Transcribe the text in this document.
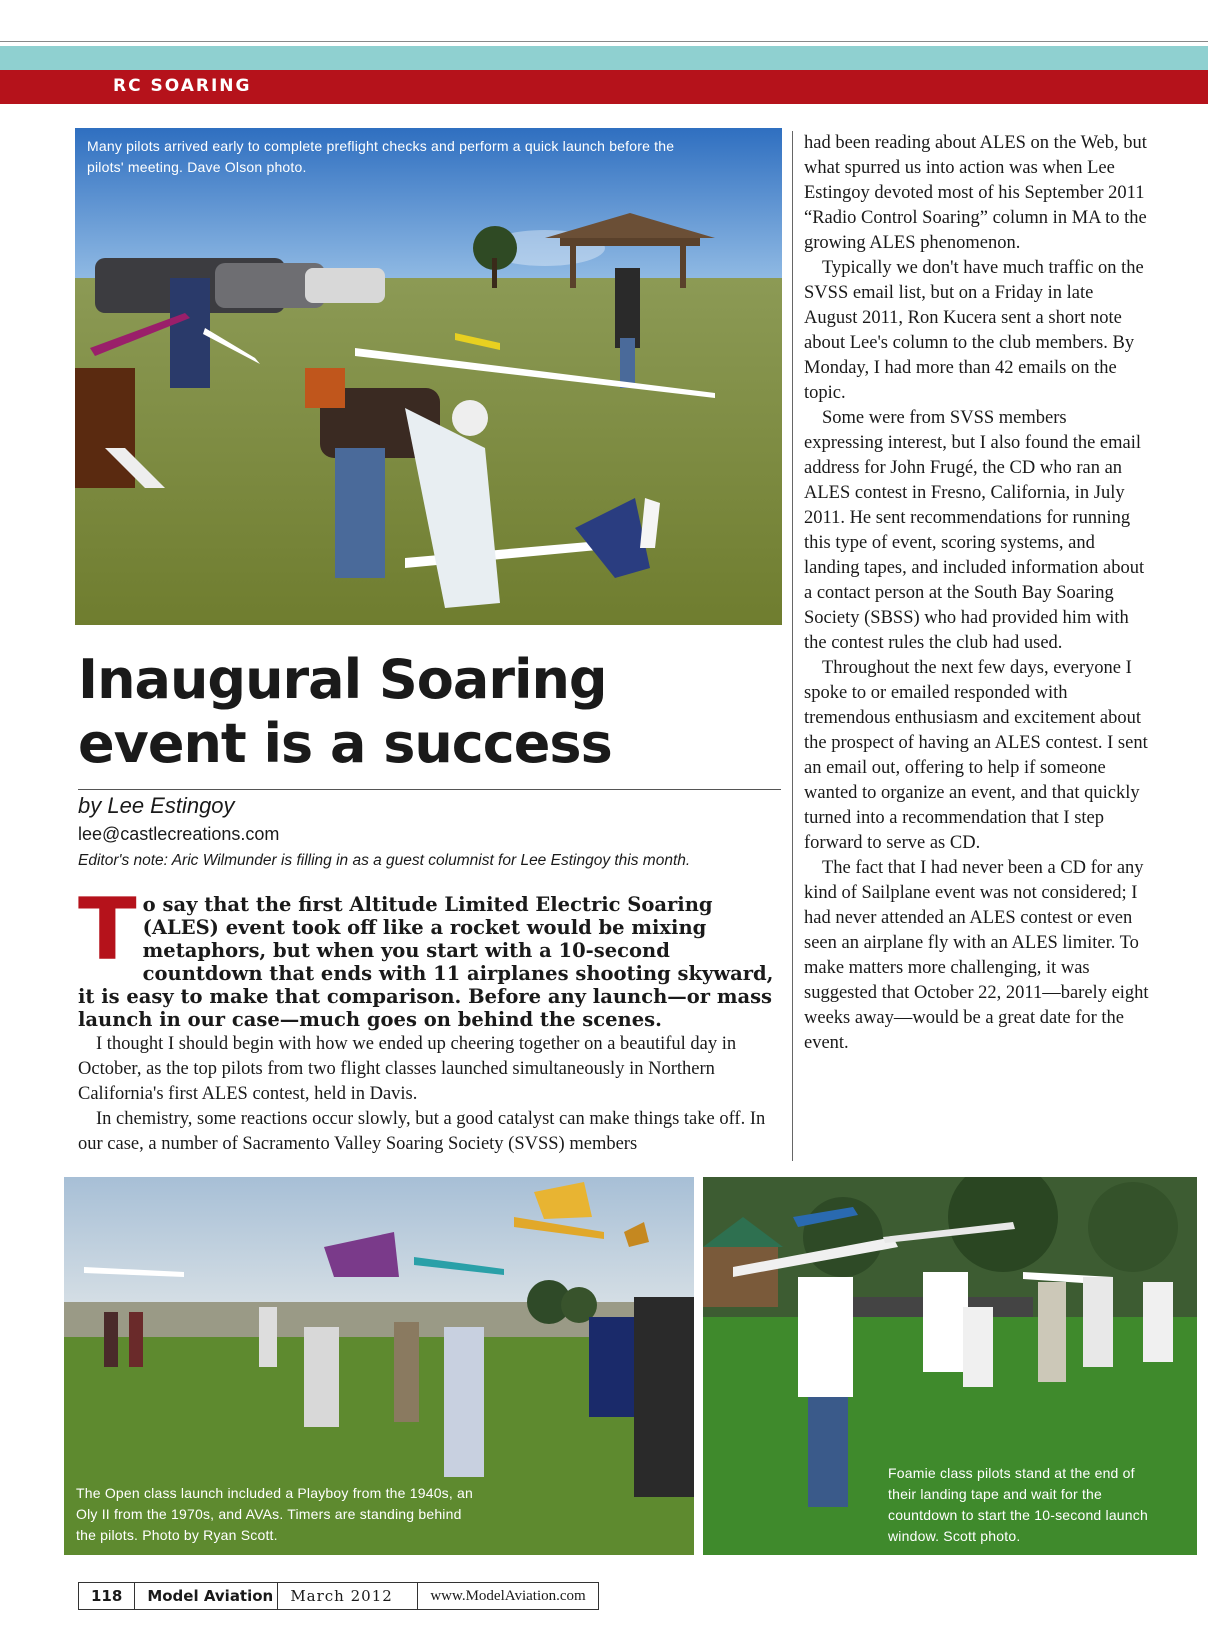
RC SOARING
Many pilots arrived early to complete preflight checks and perform a quick launch before the pilots' meeting. Dave Olson photo.
Inaugural Soaring event is a success
by Lee Estingoy
lee@castlecreations.com
Editor's note: Aric Wilmunder is filling in as a guest columnist for Lee Estingoy this month.
To say that the first Altitude Limited Electric Soaring (ALES) event took off like a rocket would be mixing metaphors, but when you start with a 10-second countdown that ends with 11 airplanes shooting skyward, it is easy to make that comparison. Before any launch—or mass launch in our case—much goes on behind the scenes.

I thought I should begin with how we ended up cheering together on a beautiful day in October, as the top pilots from two flight classes launched simultaneously in Northern California's first ALES contest, held in Davis.

In chemistry, some reactions occur slowly, but a good catalyst can make things take off. In our case, a number of Sacramento Valley Soaring Society (SVSS) members

had been reading about ALES on the Web, but what spurred us into action was when Lee Estingoy devoted most of his September 2011 “Radio Control Soaring” column in MA to the growing ALES phenomenon.

Typically we don't have much traffic on the SVSS email list, but on a Friday in late August 2011, Ron Kucera sent a short note about Lee's column to the club members. By Monday, I had more than 42 emails on the topic.

Some were from SVSS members expressing interest, but I also found the email address for John Frugé, the CD who ran an ALES contest in Fresno, California, in July 2011. He sent recommendations for running this type of event, scoring systems, and landing tapes, and included information about a contact person at the South Bay Soaring Society (SBSS) who had provided him with the contest rules the club had used.

Throughout the next few days, everyone I spoke to or emailed responded with tremendous enthusiasm and excitement about the prospect of having an ALES contest. I sent an email out, offering to help if someone wanted to organize an event, and that quickly turned into a recommendation that I step forward to serve as CD.

The fact that I had never been a CD for any kind of Sailplane event was not considered; I had never attended an ALES contest or even seen an airplane fly with an ALES limiter. To make matters more challenging, it was suggested that October 22, 2011—barely eight weeks away—would be a great date for the event.

The Open class launch included a Playboy from the 1940s, an Oly II from the 1970s, and AVAs. Timers are standing behind the pilots. Photo by Ryan Scott.
Foamie class pilots stand at the end of their landing tape and wait for the countdown to start the 10-second launch window. Scott photo.
118	Model Aviation	March 2012	www.ModelAviation.com
